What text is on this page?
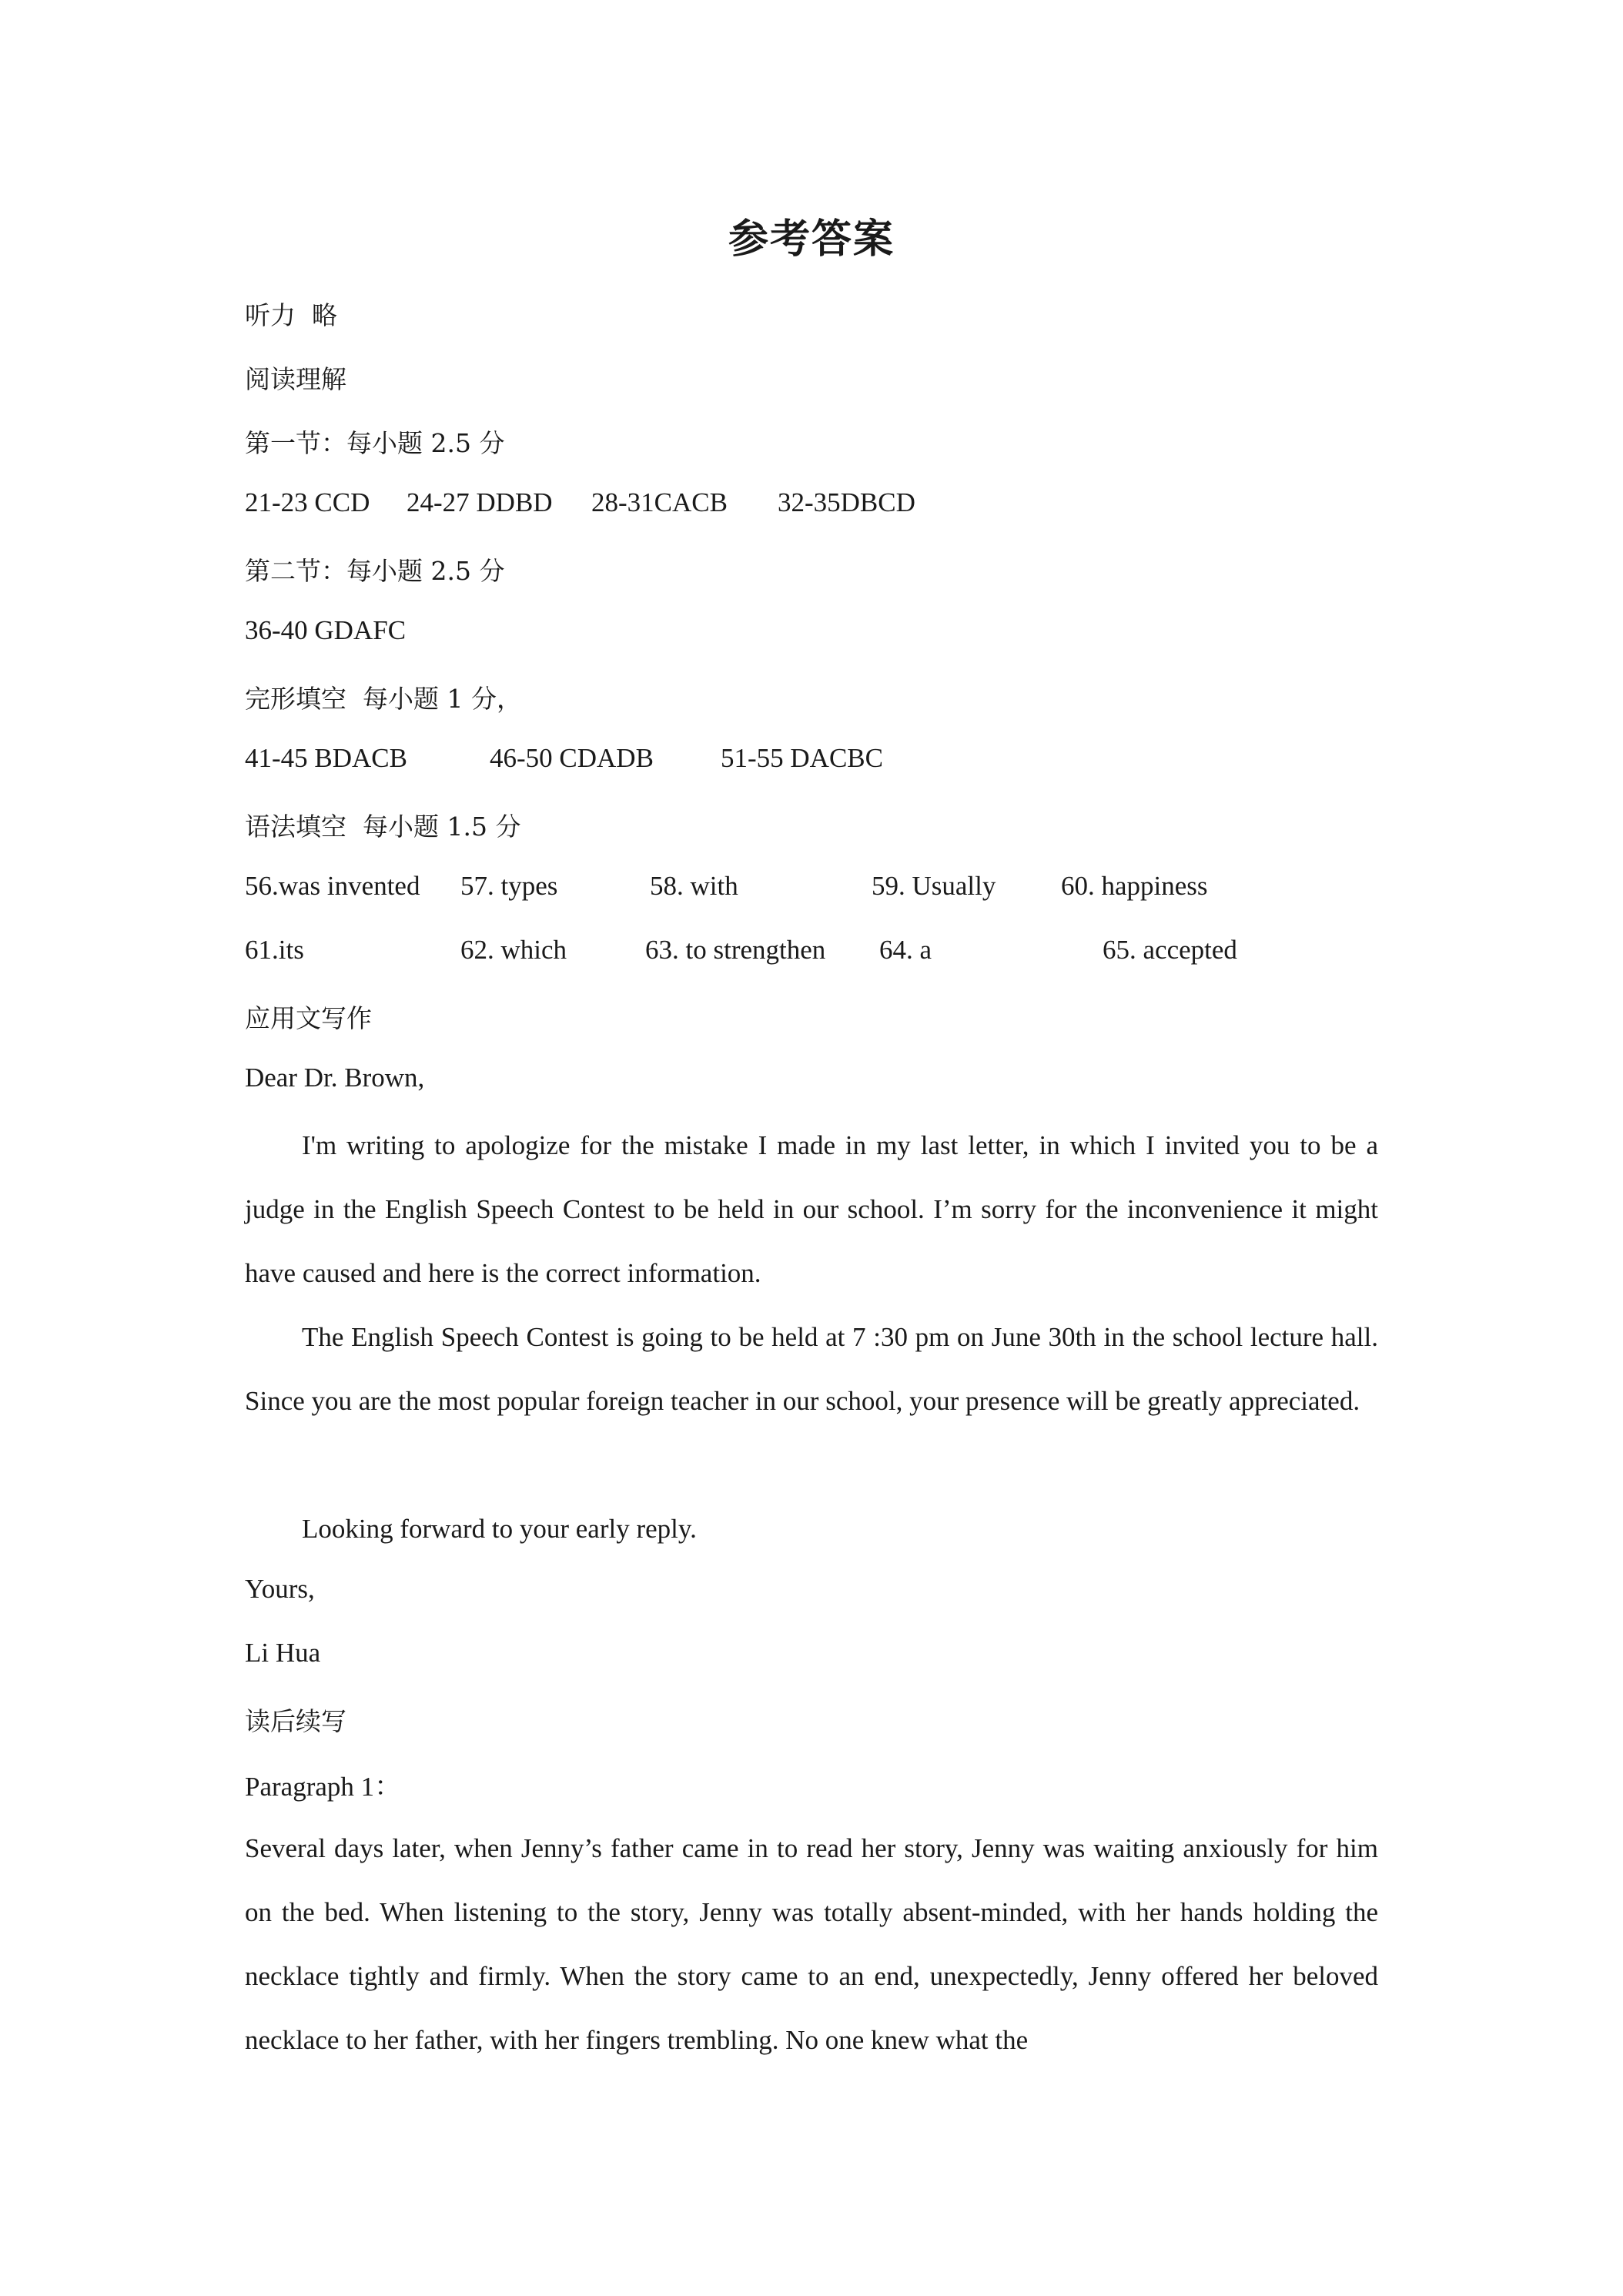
参考答案
听力  略
阅读理解
第一节：每小题 2.5 分
21-23 CCD 24-27 DDBD 28-31CACB 32-35DBCD
第二节：每小题 2.5 分
36-40 GDAFC
完形填空  每小题 1 分，
41-45 BDACB	46-50 CDADB 51-55 DACBC
语法填空  每小题 1.5 分
56.was invented 57. types	58. with	59. Usually 60. happiness
61.its	62. which	63. to strengthen 64. a	65. accepted
应用文写作
Dear Dr. Brown,
I'm writing to apologize for the mistake I made in my last letter, in which I invited you to be a judge in the English Speech Contest to be held in our school. I’m sorry for the inconvenience it might have caused and here is the correct information.
The English Speech Contest is going to be held at 7 :30 pm on June 30th in the school lecture hall. Since you are the most popular foreign teacher in our school, your presence will be greatly appreciated.
Looking forward to your early reply.
Yours,
Li Hua
读后续写
Paragraph 1：
Several days later, when Jenny’s father came in to read her story, Jenny was waiting anxiously for him on the bed. When listening to the story, Jenny was totally absent-minded, with her hands holding the necklace tightly and firmly. When the story came to an end, unexpectedly, Jenny offered her beloved necklace to her father, with her fingers trembling. No one knew what the
